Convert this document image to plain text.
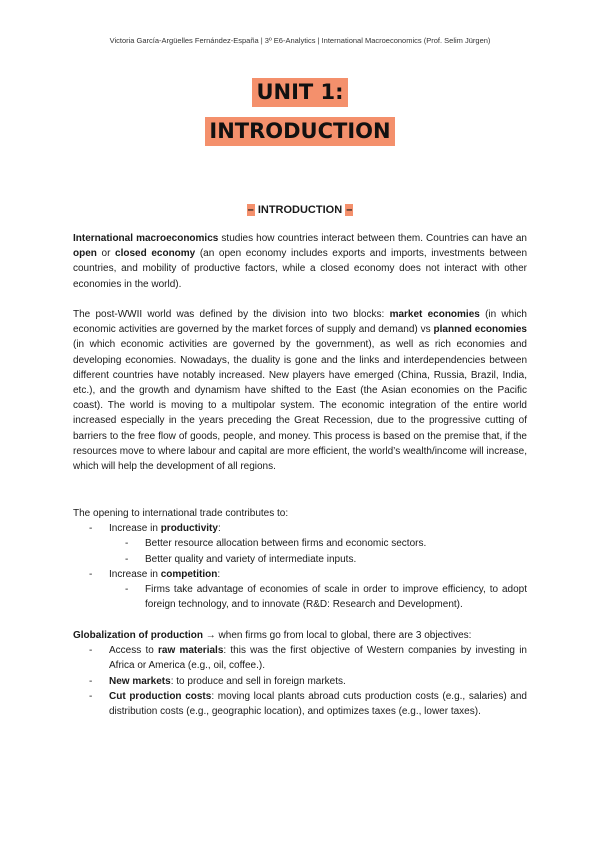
Victoria García-Argüelles Fernández-España | 3º E6-Analytics | International Macroeconomics (Prof. Selim Jürgen)
UNIT 1:
INTRODUCTION
– INTRODUCTION –

International macroeconomics studies how countries interact between them. Countries can have an open or closed economy (an open economy includes exports and imports, investments between countries, and mobility of productive factors, while a closed economy does not interact with other economies in the world).

The post-WWII world was defined by the division into two blocks: market economies (in which economic activities are governed by the market forces of supply and demand) vs planned economies (in which economic activities are governed by the government), as well as rich economies and developing economies. Nowadays, the duality is gone and the links and interdependencies between different countries have notably increased. New players have emerged (China, Russia, Brazil, India, etc.), and the growth and dynamism have shifted to the East (the Asian economies on the Pacific coast). The world is moving to a multipolar system. The economic integration of the entire world increased especially in the years preceding the Great Recession, due to the progressive cutting of barriers to the free flow of goods, people, and money. This process is based on the premise that, if the resources move to where labour and capital are more efficient, the world’s wealth/income will increase, which will help the development of all regions.

The opening to international trade contributes to:

- Increase in productivity:
- Better resource allocation between firms and economic sectors.
- Better quality and variety of intermediate inputs.
- Increase in competition:
- Firms take advantage of economies of scale in order to improve efficiency, to adopt foreign technology, and to innovate (R&D: Research and Development).

Globalization of production → when firms go from local to global, there are 3 objectives:

- Access to raw materials: this was the first objective of Western companies by investing in Africa or America (e.g., oil, coffee.).
- New markets: to produce and sell in foreign markets.
- Cut production costs: moving local plants abroad cuts production costs (e.g., salaries) and distribution costs (e.g., geographic location), and optimizes taxes (e.g., lower taxes).
